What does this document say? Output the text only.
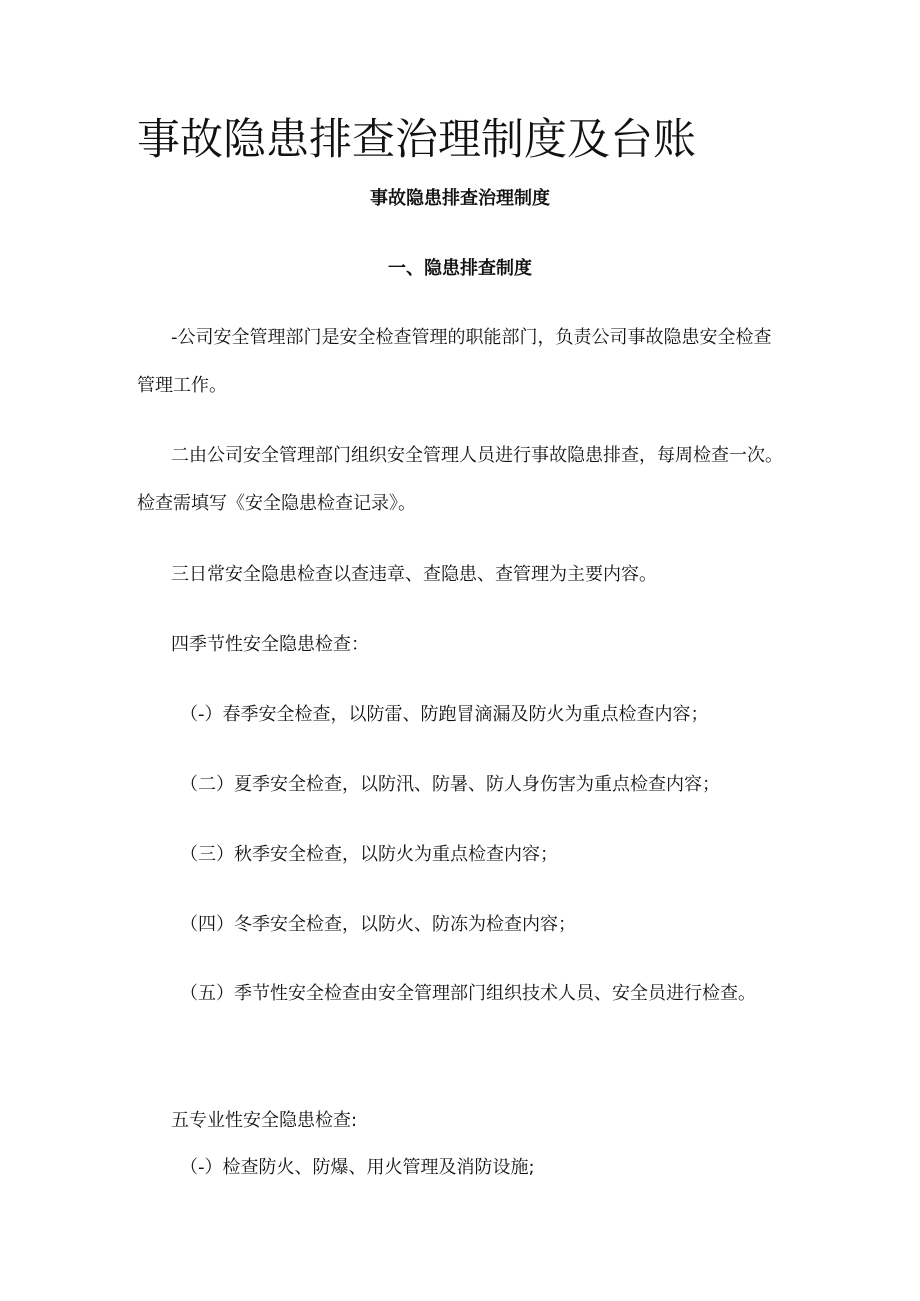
事故隐患排查治理制度及台账
事故隐患排查治理制度
一、隐患排查制度

-公司安全管理部门是安全检查管理的职能部门，负责公司事故隐患安全检查管理工作。

二由公司安全管理部门组织安全管理人员进行事故隐患排查，每周检查一次。检查需填写《安全隐患检查记录》。

三日常安全隐患检查以查违章、查隐患、查管理为主要内容。

四季节性安全隐患检查：

（-）春季安全检查，以防雷、防跑冒滴漏及防火为重点检查内容；

（二）夏季安全检查，以防汛、防暑、防人身伤害为重点检查内容；

（三）秋季安全检查，以防火为重点检查内容；

（四）冬季安全检查，以防火、防冻为检查内容；

（五）季节性安全检查由安全管理部门组织技术人员、安全员进行检查。

五专业性安全隐患检查:

（-）检查防火、防爆、用火管理及消防设施;
